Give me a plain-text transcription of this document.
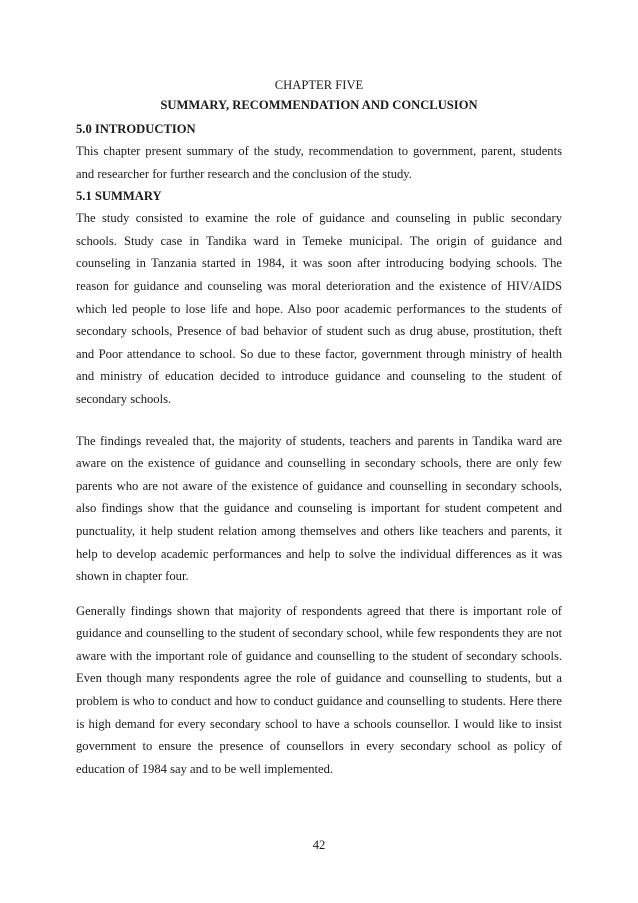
CHAPTER FIVE
SUMMARY, RECOMMENDATION AND CONCLUSION

5.0 INTRODUCTION

This chapter present summary of the study, recommendation to government, parent, students and researcher for further research and the conclusion of the study.

5.1 SUMMARY

The study consisted to examine the role of guidance and counseling in public secondary schools. Study case in Tandika ward in Temeke municipal. The origin of guidance and counseling in Tanzania started in 1984, it was soon after introducing bodying schools. The reason for guidance and counseling was moral deterioration and the existence of HIV/AIDS which led people to lose life and hope. Also poor academic performances to the students of secondary schools, Presence of bad behavior of student such as drug abuse, prostitution, theft and Poor attendance to school. So due to these factor, government through ministry of health and ministry of education decided to introduce guidance and counseling to the student of secondary schools.

The findings revealed that, the majority of students, teachers and parents in Tandika ward are aware on the existence of guidance and counselling in secondary schools, there are only few parents who are not aware of the existence of guidance and counselling in secondary schools, also findings show that the guidance and counseling is important for student competent and punctuality, it help student relation among themselves and others like teachers and parents, it help to develop academic performances and help to solve the individual differences as it was shown in chapter four.

Generally findings shown that majority of respondents agreed that there is important role of guidance and counselling to the student of secondary school, while few respondents they are not aware with the important role of guidance and counselling to the student of secondary schools. Even though many respondents agree the role of guidance and counselling to students, but a problem is who to conduct and how to conduct guidance and counselling to students. Here there is high demand for every secondary school to have a schools counsellor. I would like to insist government to ensure the presence of counsellors in every secondary school as policy of education of 1984 say and to be well implemented.

42
